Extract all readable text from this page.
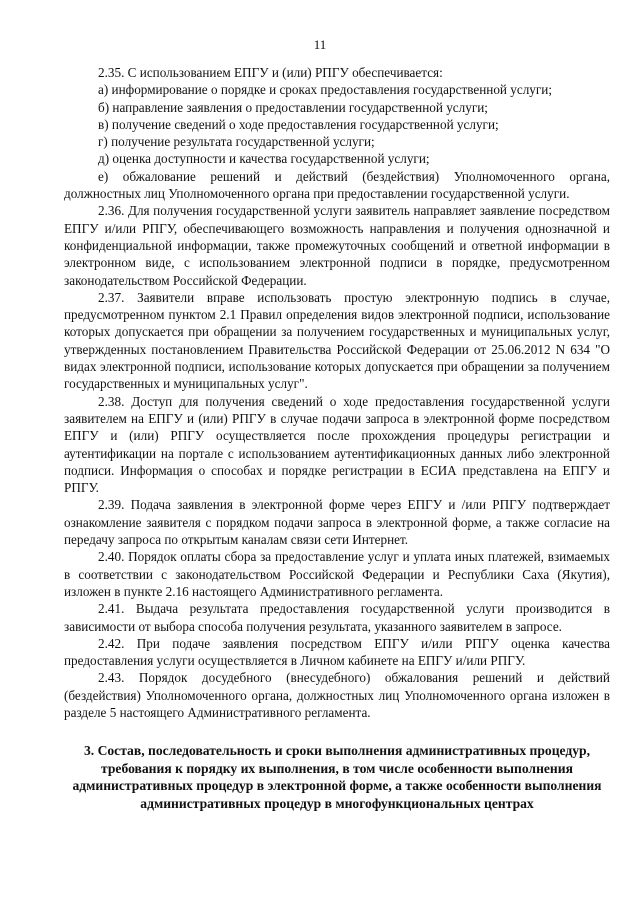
11

2.35. С использованием ЕПГУ и (или) РПГУ обеспечивается:

а) информирование о порядке и сроках предоставления государственной услуги;

б) направление заявления о предоставлении государственной услуги;

в) получение сведений о ходе предоставления государственной услуги;

г) получение результата государственной услуги;

д) оценка доступности и качества государственной услуги;

е) обжалование решений и действий (бездействия) Уполномоченного органа, должностных лиц Уполномоченного органа при предоставлении государственной услуги.

2.36. Для получения государственной услуги заявитель направляет заявление посредством ЕПГУ и/или РПГУ, обеспечивающего возможность направления и получения однозначной и конфиденциальной информации, также промежуточных сообщений и ответной информации в электронном виде, с использованием электронной подписи в порядке, предусмотренном законодательством Российской Федерации.

2.37. Заявители вправе использовать простую электронную подпись в случае, предусмотренном пунктом 2.1 Правил определения видов электронной подписи, использование которых допускается при обращении за получением государственных и муниципальных услуг, утвержденных постановлением Правительства Российской Федерации от 25.06.2012 N 634 "О видах электронной подписи, использование которых допускается при обращении за получением государственных и муниципальных услуг".

2.38. Доступ для получения сведений о ходе предоставления государственной услуги заявителем на ЕПГУ и (или) РПГУ в случае подачи запроса в электронной форме посредством ЕПГУ и (или) РПГУ осуществляется после прохождения процедуры регистрации и аутентификации на портале с использованием аутентификационных данных либо электронной подписи. Информация о способах и порядке регистрации в ЕСИА представлена на ЕПГУ и РПГУ.

2.39. Подача заявления в электронной форме через ЕПГУ и /или РПГУ подтверждает ознакомление заявителя с порядком подачи запроса в электронной форме, а также согласие на передачу запроса по открытым каналам связи сети Интернет.

2.40. Порядок оплаты сбора за предоставление услуг и уплата иных платежей, взимаемых в соответствии с законодательством Российской Федерации и Республики Саха (Якутия), изложен в пункте 2.16 настоящего Административного регламента.

2.41. Выдача результата предоставления государственной услуги производится в зависимости от выбора способа получения результата, указанного заявителем в запросе.

2.42. При подаче заявления посредством ЕПГУ и/или РПГУ оценка качества предоставления услуги осуществляется в Личном кабинете на ЕПГУ и/или РПГУ.

2.43. Порядок досудебного (внесудебного) обжалования решений и действий (бездействия) Уполномоченного органа, должностных лиц Уполномоченного органа изложен в разделе 5 настоящего Административного регламента.

3. Состав, последовательность и сроки выполнения административных процедур, требования к порядку их выполнения, в том числе особенности выполнения административных процедур в электронной форме, а также особенности выполнения административных процедур в многофункциональных центрах
